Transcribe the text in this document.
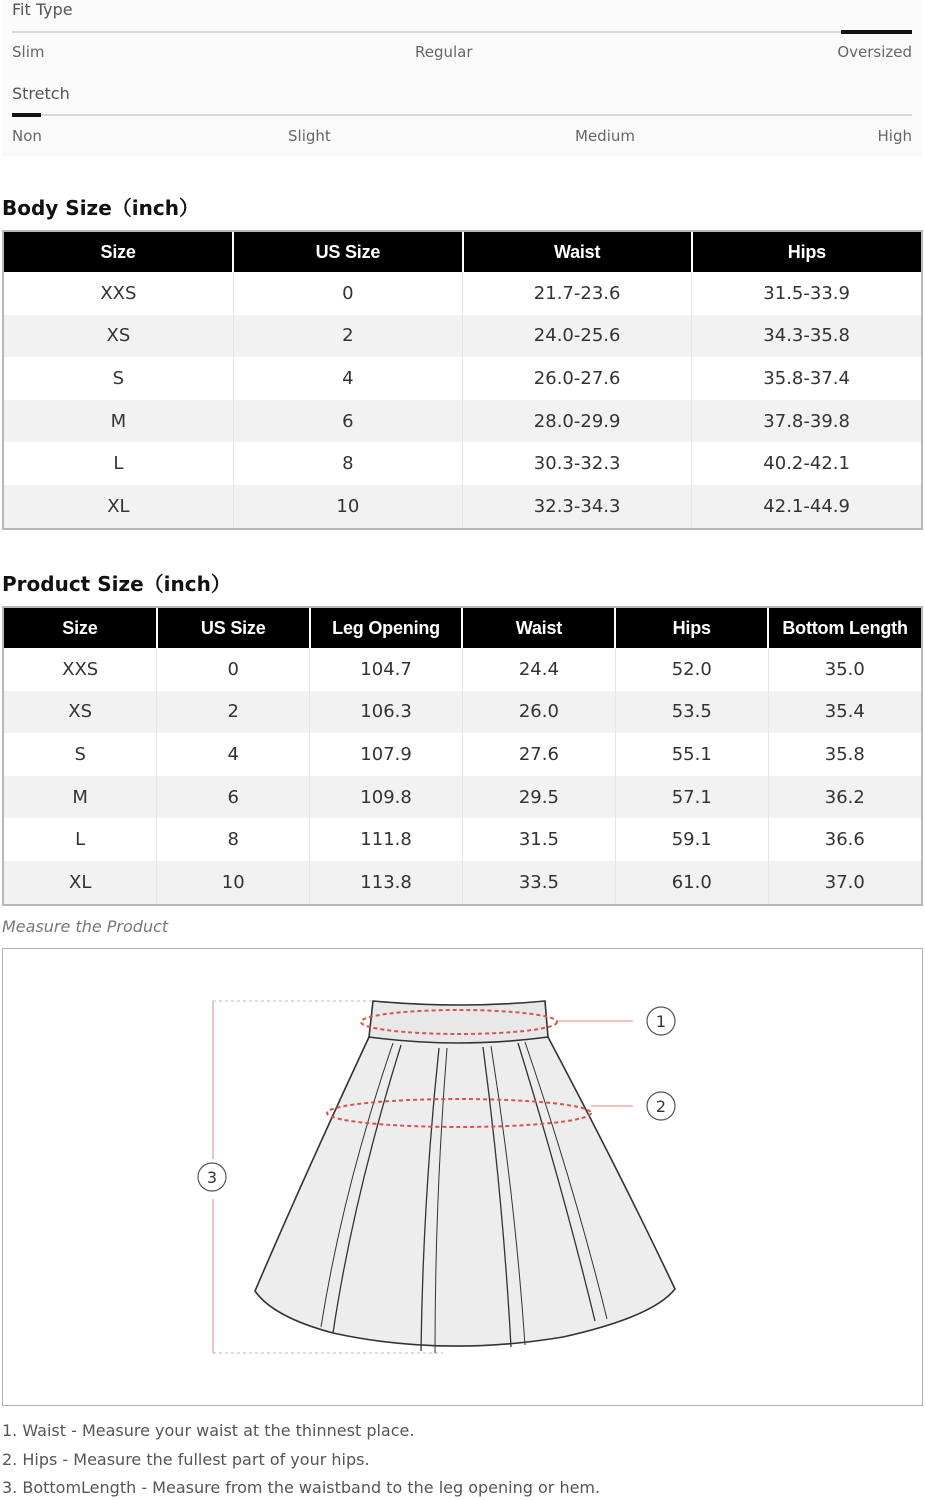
Fit Type
Slim	Regular	Oversized
Stretch
Non	Slight	Medium	High
Body Size（inch）
Size	US Size	Waist	Hips
XXS	0	21.7-23.6	31.5-33.9
XS	2	24.0-25.6	34.3-35.8
S	4	26.0-27.6	35.8-37.4
M	6	28.0-29.9	37.8-39.8
L	8	30.3-32.3	40.2-42.1
XL	10	32.3-34.3	42.1-44.9
Product Size（inch）
Size	US Size	Leg Opening	Waist	Hips	Bottom Length
XXS	0	104.7	24.4	52.0	35.0
XS	2	106.3	26.0	53.5	35.4
S	4	107.9	27.6	55.1	35.8
M	6	109.8	29.5	57.1	36.2
L	8	111.8	31.5	59.1	36.6
XL	10	113.8	33.5	61.0	37.0
Measure the Product
1
2
3
1. Waist - Measure your waist at the thinnest place.
2. Hips - Measure the fullest part of your hips.
3. BottomLength - Measure from the waistband to the leg opening or hem.
